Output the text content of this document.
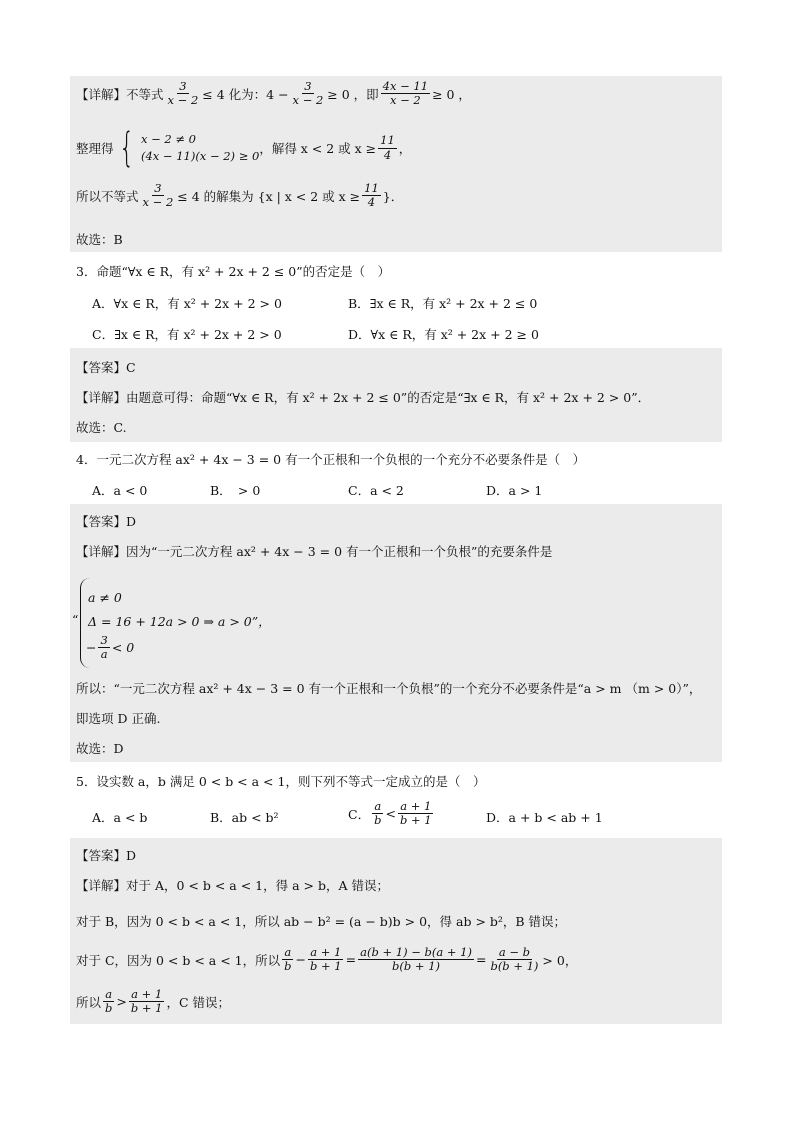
【详解】不等式 $\frac{3}{x - 2} \le 4$ 化为：$4 - \frac{3}{x - 2} \ge 0$ ，即 $\frac{4x - 11}{x - 2} \ge 0$ ，
整理得 { x − 2 ≠ 0
(4x − 11)(x − 2) ≥ 0 ，解得 x < 2 或 $x \ge \frac{11}{4}$ ，
所以不等式 $\frac{3}{x - 2} \le 4$ 的解集为 {x | x < 2 或 $x \ge \frac{11}{4}$ }．
故选：B
3．命题“∀x ∈ R，有 x² + 2x + 2 ≤ 0”的否定是（　）
A．∀x ∈ R，有 x² + 2x + 2 > 0	B．∃x ∈ R，有 x² + 2x + 2 ≤ 0
C．∃x ∈ R，有 x² + 2x + 2 > 0	D．∀x ∈ R，有 x² + 2x + 2 ≥ 0
【答案】C
【详解】由题意可得：命题“∀x ∈ R，有 x² + 2x + 2 ≤ 0”的否定是“∃x ∈ R，有 x² + 2x + 2 > 0”．
故选：C.
4．一元二次方程 ax² + 4x − 3 = 0 有一个正根和一个负根的一个充分不必要条件是（　）
A．a < 0	B．　> 0	C．a < 2	D．a > 1
【答案】D
【详解】因为“一元二次方程 ax² + 4x − 3 = 0 有一个正根和一个负根”的充要条件是
“
a ≠ 0
Δ = 16 + 12a > 0 ⇒ a > 0”，
− $\frac{3}{a} < 0$
所以：“一元二次方程 ax² + 4x − 3 = 0 有一个正根和一个负根”的一个充分不必要条件是“a > m （m > 0）”，
即选项 D 正确.
故选：D
5．设实数 a，b 满足 0 < b < a < 1，则下列不等式一定成立的是（　）
A．a < b	B．ab < b²	C． $\frac{a}{b} < \frac{a + 1}{b + 1}$	D．a + b < ab + 1
【答案】D
【详解】对于 A，0 < b < a < 1，得 a > b，A 错误；
对于 B，因为 0 < b < a < 1，所以 ab − b² = (a − b)b > 0，得 ab > b²，B 错误；
对于 C，因为 0 < b < a < 1，所以 $\frac{a}{b} - \frac{a + 1}{b + 1} = \frac{a(b + 1) - b(a + 1)}{b(b + 1)} = \frac{a - b}{b(b + 1)} > 0$，
所以 $\frac{a}{b} > \frac{a + 1}{b + 1}$ ，C 错误；
